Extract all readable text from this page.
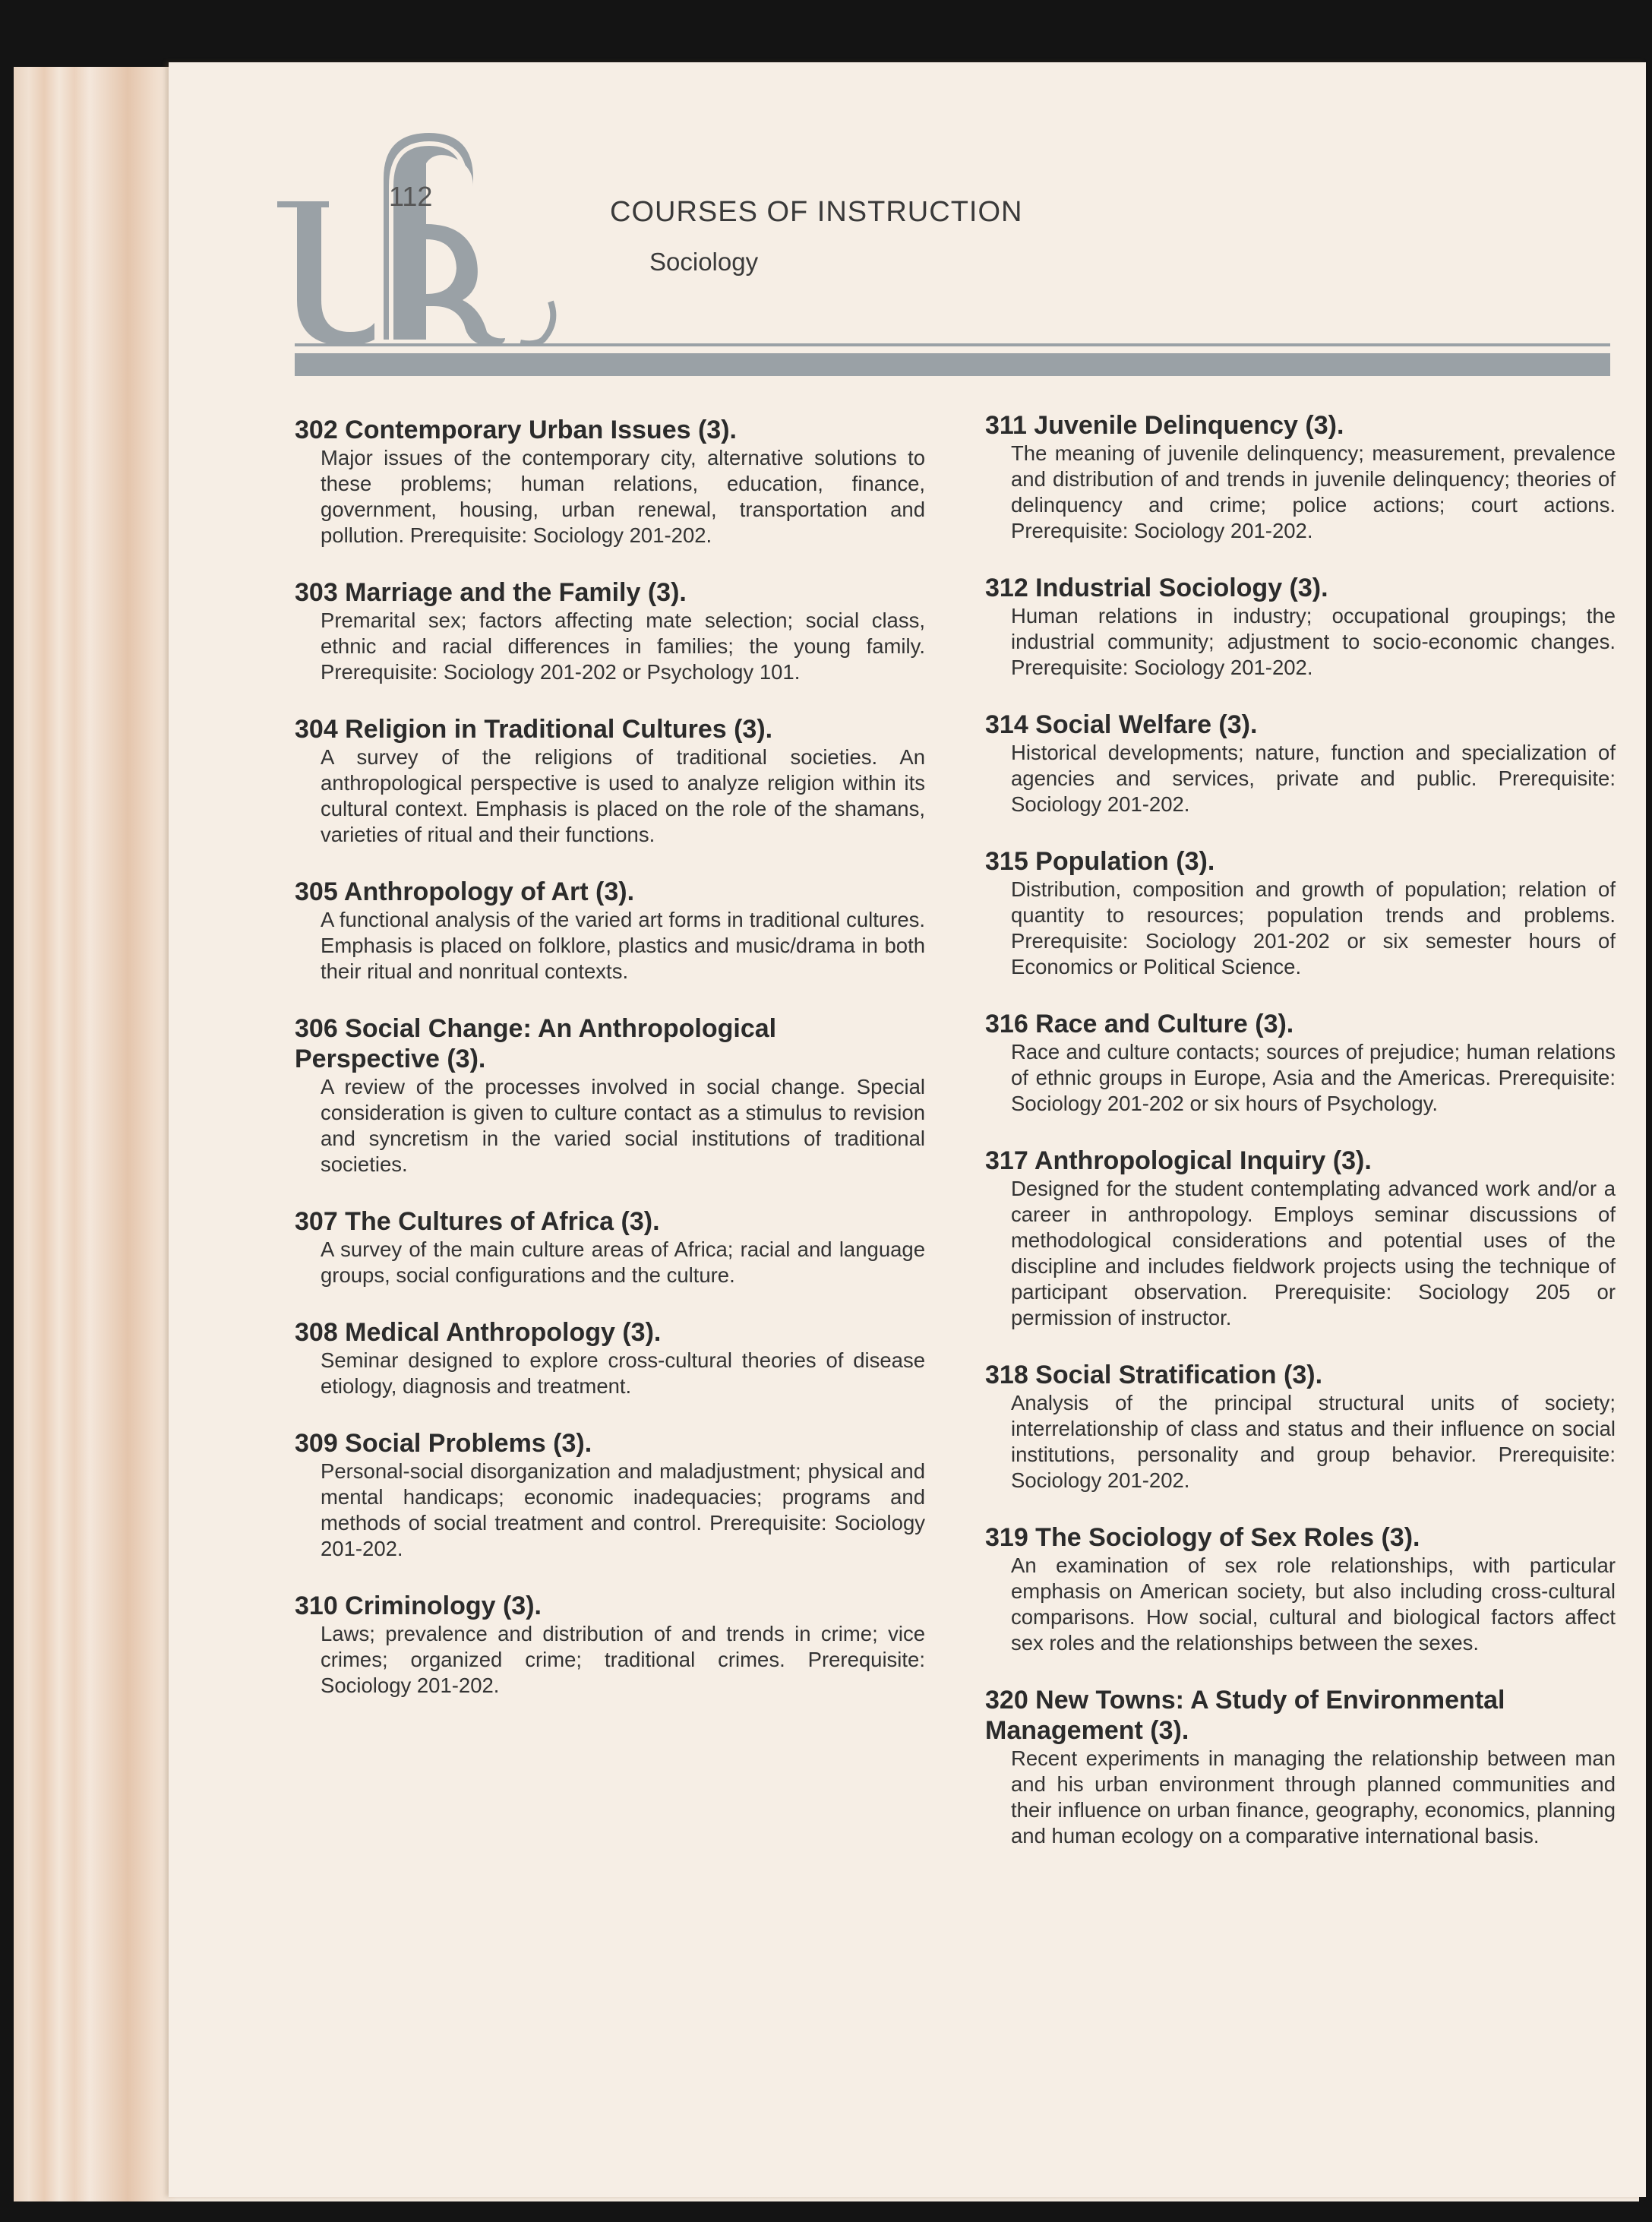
112	COURSES OF INSTRUCTION
Sociology
302 Contemporary Urban Issues (3).
Major issues of the contemporary city, alternative solutions to these problems; human relations, education, finance, government, housing, urban renewal, transportation and pollution. Prerequisite: Sociology 201-202.
303 Marriage and the Family (3).
Premarital sex; factors affecting mate selection; social class, ethnic and racial differences in families; the young family. Prerequisite: Sociology 201-202 or Psychology 101.
304 Religion in Traditional Cultures (3).
A survey of the religions of traditional societies. An anthropological perspective is used to analyze religion within its cultural context. Emphasis is placed on the role of the shamans, varieties of ritual and their functions.
305 Anthropology of Art (3).
A functional analysis of the varied art forms in traditional cultures. Emphasis is placed on folklore, plastics and music/drama in both their ritual and nonritual contexts.
306 Social Change: An Anthropological Perspective (3).
A review of the processes involved in social change. Special consideration is given to culture contact as a stimulus to revision and syncretism in the varied social institutions of traditional societies.
307 The Cultures of Africa (3).
A survey of the main culture areas of Africa; racial and language groups, social configurations and the culture.
308 Medical Anthropology (3).
Seminar designed to explore cross-cultural theories of disease etiology, diagnosis and treatment.
309 Social Problems (3).
Personal-social disorganization and maladjustment; physical and mental handicaps; economic inadequacies; programs and methods of social treatment and control. Prerequisite: Sociology 201-202.
310 Criminology (3).
Laws; prevalence and distribution of and trends in crime; vice crimes; organized crime; traditional crimes. Prerequisite: Sociology 201-202.
311 Juvenile Delinquency (3).
The meaning of juvenile delinquency; measurement, prevalence and distribution of and trends in juvenile delinquency; theories of delinquency and crime; police actions; court actions. Prerequisite: Sociology 201-202.
312 Industrial Sociology (3).
Human relations in industry; occupational groupings; the industrial community; adjustment to socio-economic changes. Prerequisite: Sociology 201-202.
314 Social Welfare (3).
Historical developments; nature, function and specialization of agencies and services, private and public. Prerequisite: Sociology 201-202.
315 Population (3).
Distribution, composition and growth of population; relation of quantity to resources; population trends and problems. Prerequisite: Sociology 201-202 or six semester hours of Economics or Political Science.
316 Race and Culture (3).
Race and culture contacts; sources of prejudice; human relations of ethnic groups in Europe, Asia and the Americas. Prerequisite: Sociology 201-202 or six hours of Psychology.
317 Anthropological Inquiry (3).
Designed for the student contemplating advanced work and/or a career in anthropology. Employs seminar discussions of methodological considerations and potential uses of the discipline and includes fieldwork projects using the technique of participant observation. Prerequisite: Sociology 205 or permission of instructor.
318 Social Stratification (3).
Analysis of the principal structural units of society; interrelationship of class and status and their influence on social institutions, personality and group behavior. Prerequisite: Sociology 201-202.
319 The Sociology of Sex Roles (3).
An examination of sex role relationships, with particular emphasis on American society, but also including cross-cultural comparisons. How social, cultural and biological factors affect sex roles and the relationships between the sexes.
320 New Towns: A Study of Environmental Management (3).
Recent experiments in managing the relationship between man and his urban environment through planned communities and their influence on urban finance, geography, economics, planning and human ecology on a comparative international basis.
